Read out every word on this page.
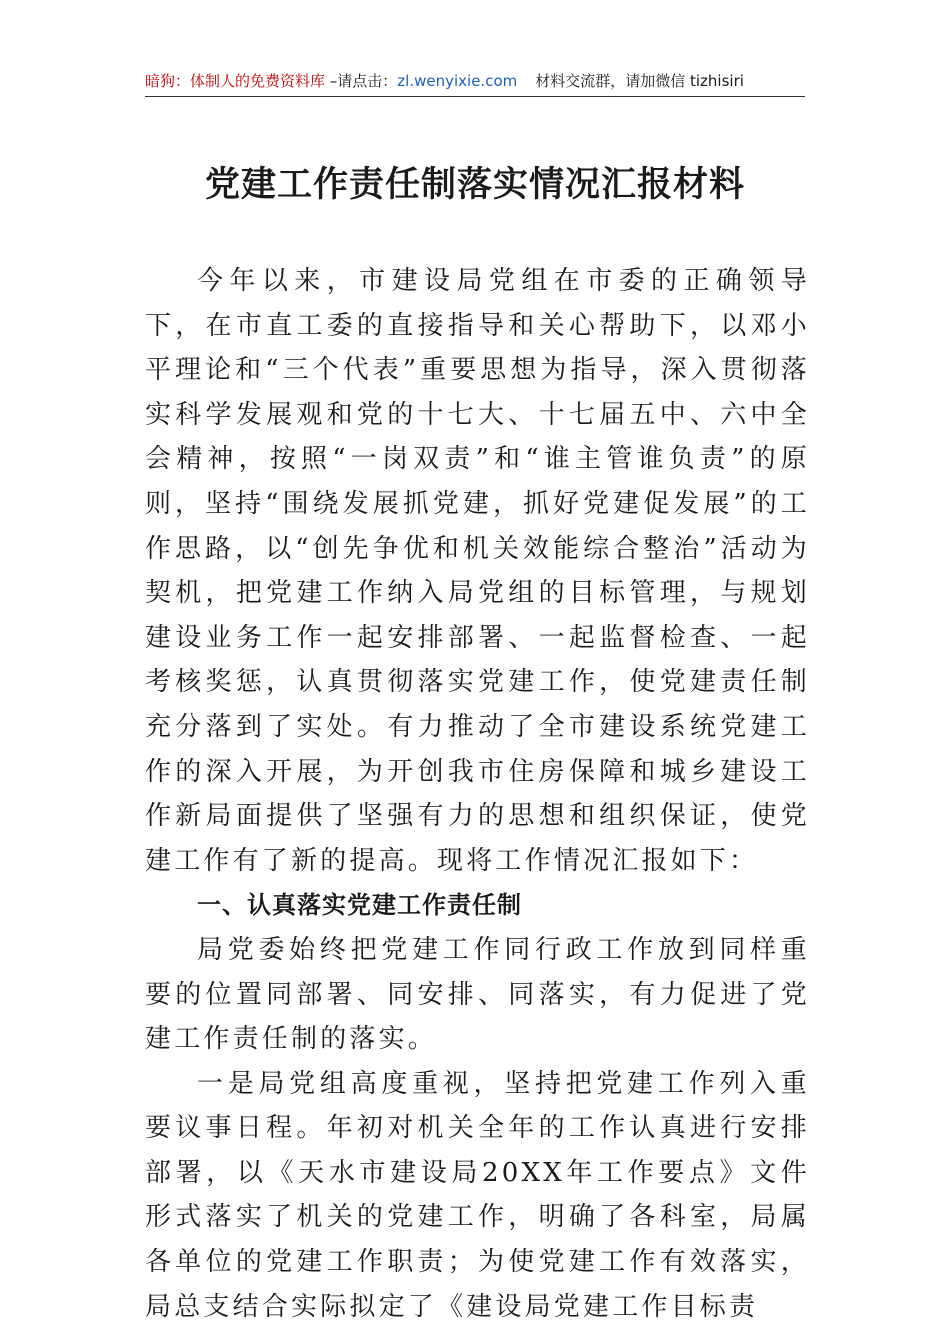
暗狗：体制人的免费资料库 –请点击：zl.wenyixie.com 材料交流群，请加微信 tizhisiri
党建工作责任制落实情况汇报材料

今年以来，市建设局党组在市委的正确领导下，在市直工委的直接指导和关心帮助下，以邓小平理论和“三个代表”重要思想为指导，深入贯彻落实科学发展观和党的十七大、十七届五中、六中全会精神，按照“一岗双责”和“谁主管谁负责”的原则，坚持“围绕发展抓党建，抓好党建促发展”的工作思路，以“创先争优和机关效能综合整治”活动为契机，把党建工作纳入局党组的目标管理，与规划建设业务工作一起安排部署、一起监督检查、一起考核奖惩，认真贯彻落实党建工作，使党建责任制充分落到了实处。有力推动了全市建设系统党建工作的深入开展，为开创我市住房保障和城乡建设工作新局面提供了坚强有力的思想和组织保证，使党建工作有了新的提高。现将工作情况汇报如下：

一、认真落实党建工作责任制

局党委始终把党建工作同行政工作放到同样重要的位置同部署、同安排、同落实，有力促进了党建工作责任制的落实。

一是局党组高度重视，坚持把党建工作列入重要议事日程。年初对机关全年的工作认真进行安排部署，以《天水市建设局20XX年工作要点》文件形式落实了机关的党建工作，明确了各科室，局属各单位的党建工作职责；为使党建工作有效落实，局总支结合实际拟定了《建设局党建工作目标责
